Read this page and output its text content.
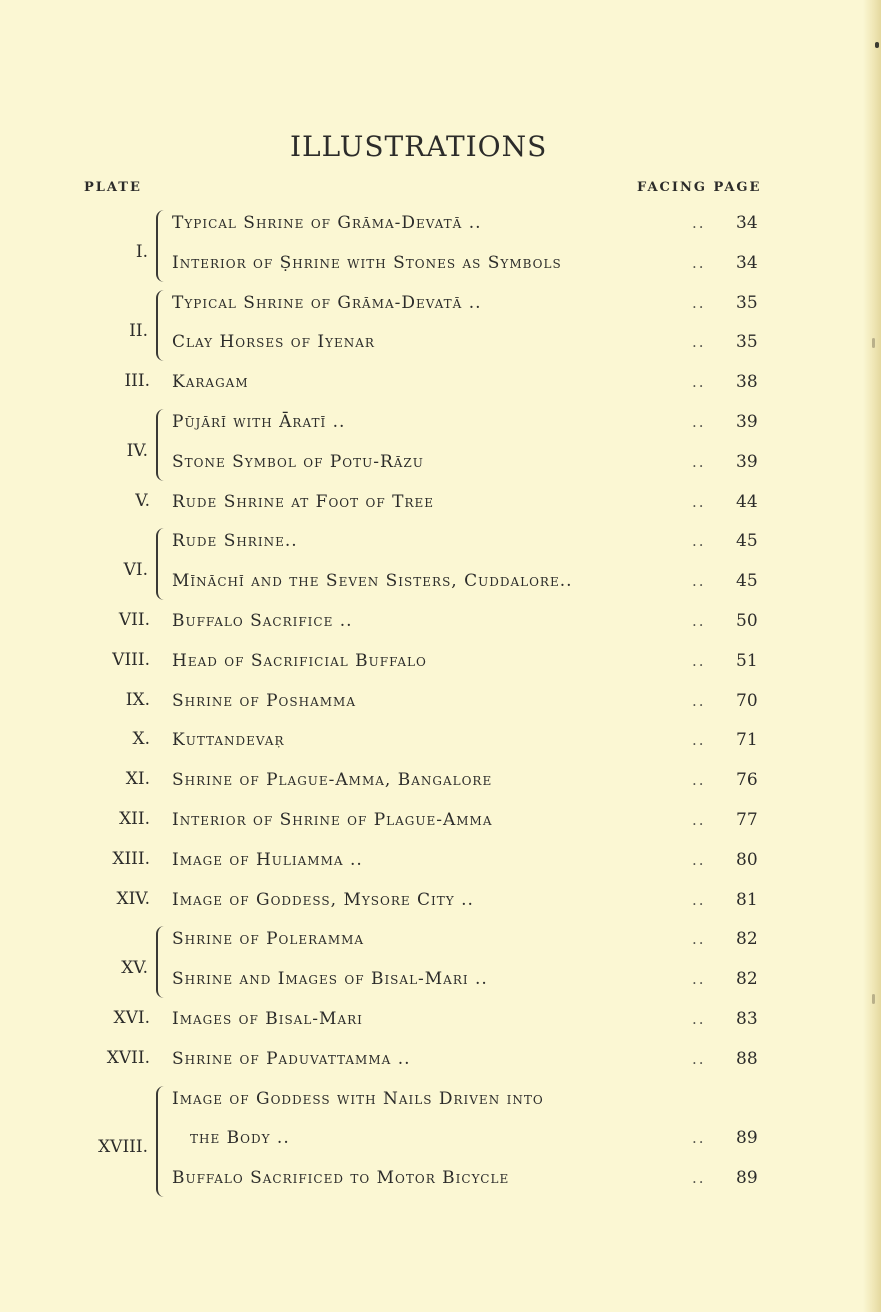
ILLUSTRATIONS
PLATE	FACING PAGE
I.
Typical Shrine of Grāma-Devatā ..	.. 34
Interior of Ṣhrine with Stones as Symbols	.. 34
II.
Typical Shrine of Grāma-Devatā ..	.. 35
Clay Horses of Iyenar	.. 35
III. Karagam	.. 38
IV.
Pūjārī with Āratī ..	.. 39
Stone Symbol of Potu-Rāzu	.. 39
V. Rude Shrine at Foot of Tree	.. 44
VI.
Rude Shrine..	.. 45
Mīnāchī and the Seven Sisters, Cuddalore..	.. 45
VII. Buffalo Sacrifice ..	.. 50
VIII. Head of Sacrificial Buffalo	.. 51
IX. Shrine of Poshamma	.. 70
X. Kuttandevaṛ	.. 71
XI. Shrine of Plague-Amma, Bangalore	.. 76
XII. Interior of Shrine of Plague-Amma	.. 77
XIII. Image of Huliamma ..	.. 80
XIV. Image of Goddess, Mysore City ..	.. 81
XV.
Shrine of Poleramma	.. 82
Shrine and Images of Bisal-Mari ..	.. 82
XVI. Images of Bisal-Mari	.. 83
XVII. Shrine of Paduvattamma ..	.. 88
XVIII.
Image of Goddess with Nails Driven into
the Body ..	.. 89
Buffalo Sacrificed to Motor Bicycle	.. 89
